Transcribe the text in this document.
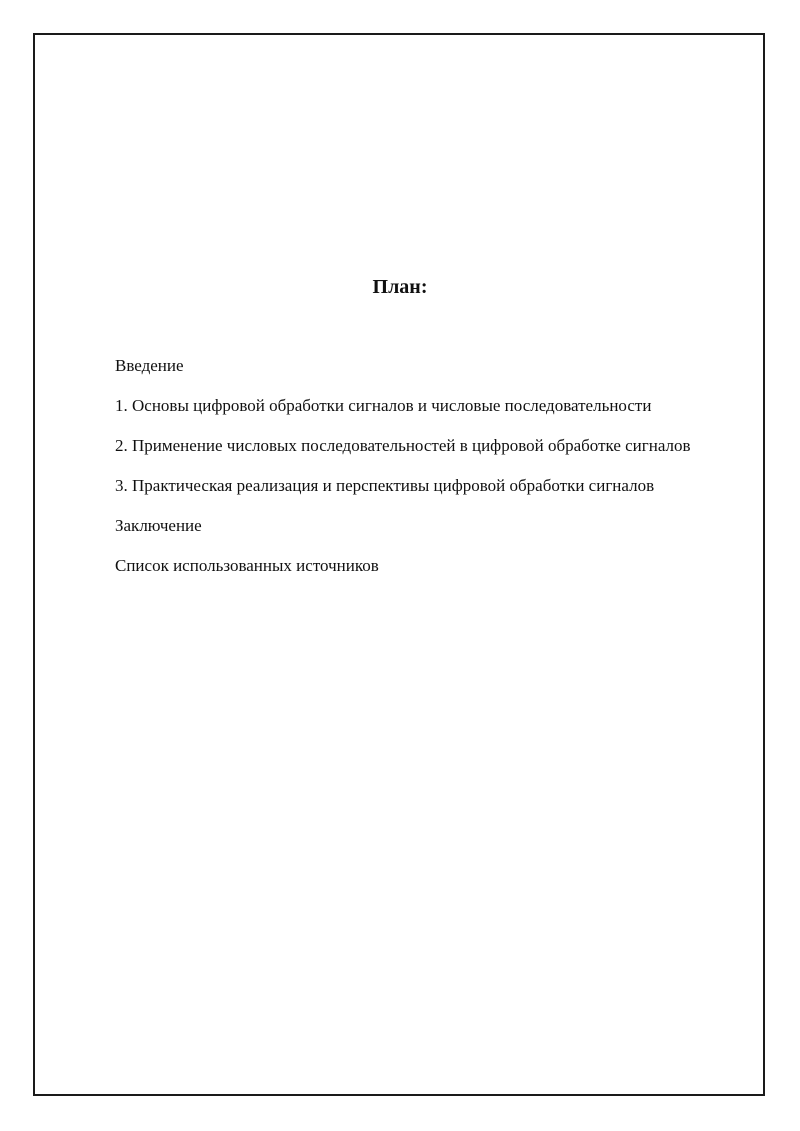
План:
Введение
1. Основы цифровой обработки сигналов и числовые последовательности
2. Применение числовых последовательностей в цифровой обработке сигналов
3. Практическая реализация и перспективы цифровой обработки сигналов
Заключение
Список использованных источников
